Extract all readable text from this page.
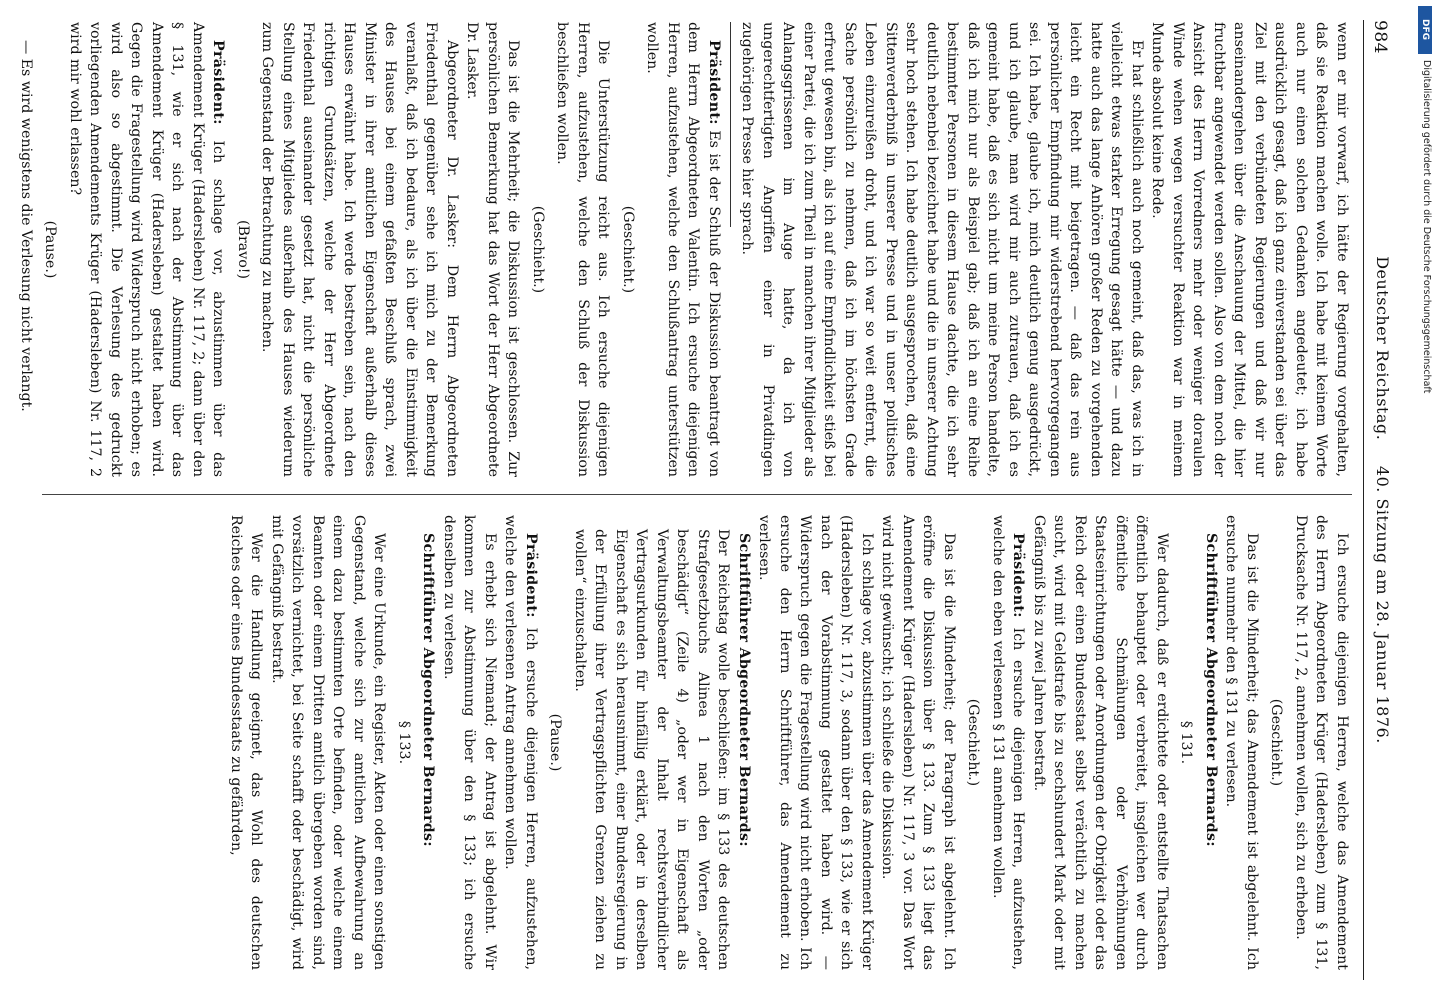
984
Deutscher Reichstag. 40. Sitzung am 28. Januar 1876.

wenn er mir vorwarf, ich hätte der Regierung vorgehalten, daß sie Reaktion machen wolle. Ich habe mit keinem Worte auch nur einen solchen Gedanken angedeutet; ich habe ausdrücklich gesagt, daß ich ganz einverstanden sei über das Ziel mit den verbündeten Regierungen und daß wir nur anseinandergehen über die Anschauung der Mittel, die hier fruchtbar angewendet werden sollen. Also von dem noch der Ansicht des Herrn Vorredners mehr oder weniger doraulen Winde wehen wegen versuchter Reaktion war in meinem Munde absolut keine Rede.

Er hat schließlich auch noch gemeint, daß das, was ich in vielleicht etwas starker Erregung gesagt hätte — und dazu hatte auch das lange Anhören großer Reden zu vorgehenden leicht ein Recht mit beigetragen. — daß das rein aus persönlicher Empfindung mir widerstrebend hervorgegangen sei. Ich habe, glaube ich, mich deutlich genug ausgedrückt, und ich glaube, man wird mir auch zutrauen, daß ich es gemeint habe, daß es sich nicht um meine Person handelte, daß ich mich nur als Beispiel gab; daß ich an eine Reihe bestimmter Personen in diesem Hause dachte, die ich sehr deutlich nebenbei bezeichnet habe und die in unserer Achtung sehr hoch stehen. Ich habe deutlich ausgesprochen, daß eine Sittenverderbniß in unserer Presse und in unser politisches Leben einzureißen droht, und ich war so weit entfernt, die Sache persönlich zu nehmen, daß ich im höchsten Grade erfreut gewesen bin, als ich auf eine Empfindlichkeit stieß bei einer Partei, die ich zum Theil in manchen ihrer Mitglieder als Anlangsgrissenen im Auge hatte, da ich von ungerechtfertigten Angriffen einer in Privatdingen zugehörigen Presse hier sprach.

Präsident: Es ist der Schluß der Diskussion beantragt von dem Herrn Abgeordneten Valentin. Ich ersuche diejenigen Herren, aufzustehen, welche den Schlußantrag unterstützen wollen.

(Geschieht.)

Die Unterstützung reicht aus. Ich ersuche diejenigen Herren, aufzustehen, welche den Schluß der Diskussion beschließen wollen.

(Geschieht.)

Das ist die Mehrheit; die Diskussion ist geschlossen. Zur persönlichen Bemerkung hat das Wort der Herr Abgeordnete Dr. Lasker.

Abgeordneter Dr. Lasker: Dem Herrn Abgeordneten Friedenthal gegenüber sehe ich mich zu der Bemerkung veranlaßt, daß ich bedaure, als ich über die Einstimmigkeit des Hauses bei einem gefaßten Beschluß sprach, zwei Minister in ihrer amtlichen Eigenschaft außerhalb dieses Hauses erwähnt habe. Ich werde bestreben sein, nach den richtigen Grundsätzen, welche der Herr Abgeordnete Friedenthal auseinander gesetzt hat, nicht die persönliche Stellung eines Mitgliedes außerhalb des Hauses wiederum zum Gegenstand der Betrachtung zu machen.

(Bravo!)

Präsident: Ich schlage vor, abzustimmen über das Amendement Krüger (Hadersleben) Nr. 117, 2; dann über den § 131, wie er sich nach der Abstimmung über das Amendement Krüger (Hadersleben) gestaltet haben wird. Gegen die Fragestellung wird Widerspruch nicht erhoben; es wird also so abgestimmt. Die Verlesung des gedruckt vorliegenden Amendements Krüger (Hadersleben) Nr. 117, 2 wird mir wohl erlassen?

(Pause.)

— Es wird wenigstens die Verlesung nicht verlangt.

Ich ersuche diejenigen Herren, welche das Amendement des Herrn Abgeordneten Krüger (Hadersleben) zum § 131, Drucksache Nr. 117, 2, annehmen wollen, sich zu erheben.

(Geschieht.)

Das ist die Minderheit; das Amendement ist abgelehnt. Ich ersuche nunmehr den § 131 zu verlesen.

Schriftführer Abgeordneter Bernards:

§ 131.

Wer dadurch, daß er erdichtete oder entstellte Thatsachen öffentlich behauptet oder verbreitet, insgleichen wer durch öffentliche Schmähungen oder Verhöhnungen Staatseinrichtungen oder Anordnungen der Obrigkeit oder das Reich oder einen Bundesstaat selbst verächtlich zu machen sucht, wird mit Geldstrafe bis zu sechshundert Mark oder mit Gefängniß bis zu zwei Jahren bestraft.

Präsident: Ich ersuche diejenigen Herren, aufzustehen, welche den eben verlesenen § 131 annehmen wollen.

(Geschieht.)

Das ist die Minderheit; der Paragraph ist abgelehnt. Ich eröffne die Diskussion über § 133. Zum § 133 liegt das Amendement Krüger (Hadersleben) Nr. 117, 3 vor. Das Wort wird nicht gewünscht; ich schließe die Diskussion.

Ich schlage vor, abzustimmen über das Amendement Krüger (Hadersleben) Nr. 117, 3, sodann über den § 133, wie er sich nach der Vorabstimmung gestaltet haben wird. — Widerspruch gegen die Fragestellung wird nicht erhoben. Ich ersuche den Herrn Schriftführer, das Amendement zu verlesen.

Schriftführer Abgeordneter Bernards:

Der Reichstag wolle beschließen: im § 133 des deutschen Strafgesetzbuchs Alinea 1 nach den Worten „oder beschädigt“ (Zeile 4) „oder wer in Eigenschaft als Verwaltungsbeamter der Inhalt rechtsverbindlicher Vertragsurkunden für hinfällig erklärt, oder in derselben Eigenschaft es sich herausnimmt, einer Bundesregierung in der Erfüllung ihrer Vertragspflichten Grenzen ziehen zu wollen“ einzuschalten.

(Pause.)

Präsident: Ich ersuche diejenigen Herren, aufzustehen, welche den verlesenen Antrag annehmen wollen.

Es erhebt sich Niemand; der Antrag ist abgelehnt. Wir kommen zur Abstimmung über den § 133; ich ersuche denselben zu verlesen.

Schriftführer Abgeordneter Bernards:

§ 133.

Wer eine Urkunde, ein Register, Akten oder einen sonstigen Gegenstand, welche sich zur amtlichen Aufbewahrung an einem dazu bestimmten Orte befinden, oder welche einem Beamten oder einem Dritten amtlich übergeben worden sind, vorsätzlich vernichtet, bei Seite schafft oder beschädigt, wird mit Gefängniß bestraft.

Wer die Handlung geeignet, das Wohl des deutschen Reiches oder eines Bundesstaats zu gefährden,

DFG
Digitalisierung gefördert durch die Deutsche Forschungsgemeinschaft
